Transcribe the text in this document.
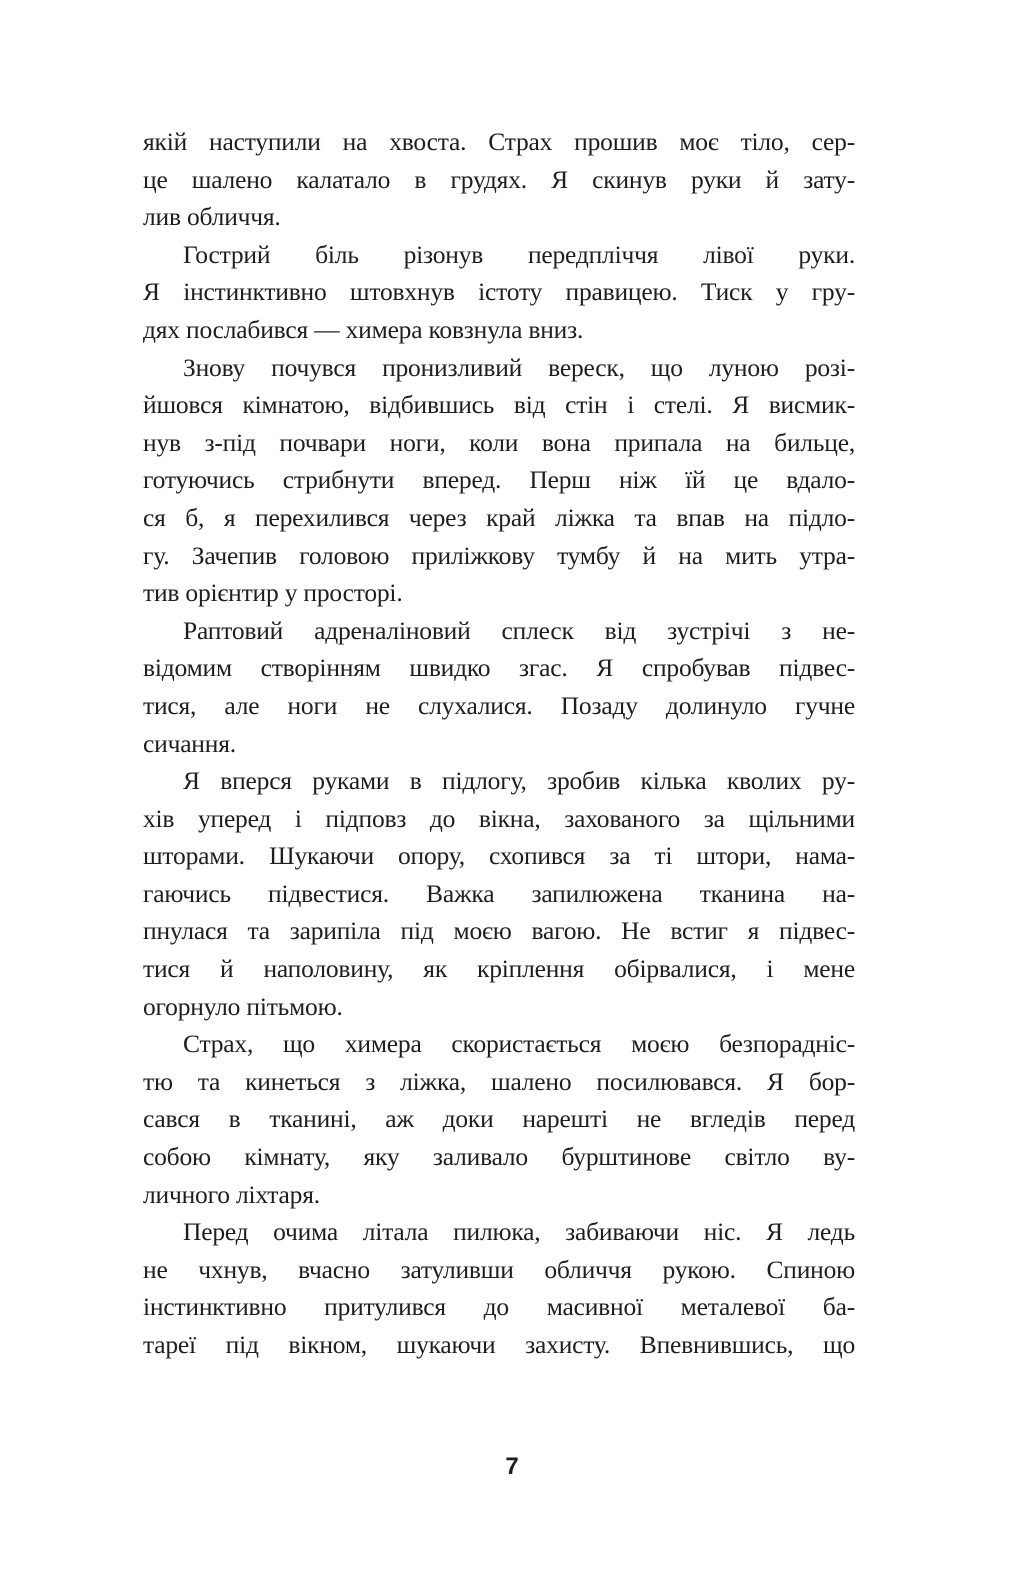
якій наступили на хвоста. Страх прошив моє тіло, сер-
це шалено калатало в грудях. Я скинув руки й зату-
лив обличчя.
Гострий біль різонув передпліччя лівої руки.
Я інстинктивно штовхнув істоту правицею. Тиск у гру-
дях послабився — химера ковзнула вниз.
Знову почувся пронизливий вереск, що луною розі-
йшовся кімнатою, відбившись від стін і стелі. Я висмик-
нув з-під почвари ноги, коли вона припала на бильце,
готуючись стрибнути вперед. Перш ніж їй це вдало-
ся б, я перехилився через край ліжка та впав на підло-
гу. Зачепив головою приліжкову тумбу й на мить утра-
тив орієнтир у просторі.
Раптовий адреналіновий сплеск від зустрічі з не-
відомим створінням швидко згас. Я спробував підвес-
тися, але ноги не слухалися. Позаду долинуло гучне
сичання.
Я вперся руками в підлогу, зробив кілька кволих ру-
хів уперед і підповз до вікна, захованого за щільними
шторами. Шукаючи опору, схопився за ті штори, нама-
гаючись підвестися. Важка запилюжена тканина на-
пнулася та зарипіла під моєю вагою. Не встиг я підвес-
тися й наполовину, як кріплення обірвалися, і мене
огорнуло пітьмою.
Страх, що химера скористається моєю безпорадніс-
тю та кинеться з ліжка, шалено посилювався. Я бор-
сався в тканині, аж доки нарешті не вгледів перед
собою кімнату, яку заливало бурштинове світло ву-
личного ліхтаря.
Перед очима літала пилюка, забиваючи ніс. Я ледь
не чхнув, вчасно затуливши обличчя рукою. Спиною
інстинктивно притулився до масивної металевої ба-
тареї під вікном, шукаючи захисту. Впевнившись, що
7
